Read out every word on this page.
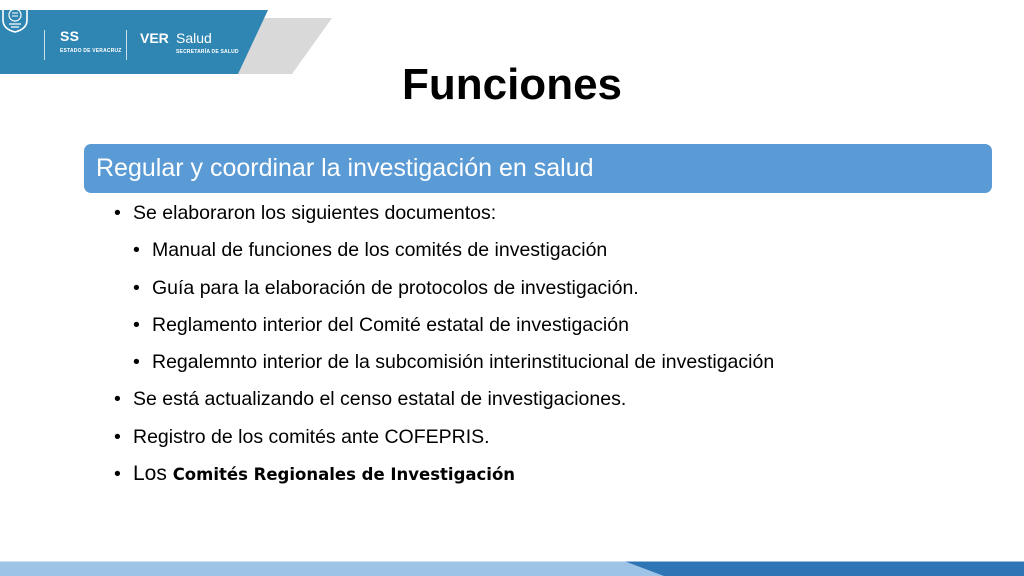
SS
ESTADO DE VERACRUZ
VER Salud
SECRETARÍA DE SALUD
Funciones
Regular y coordinar la investigación en salud
• Se elaboraron los siguientes documentos:
• Manual de funciones de los comités de investigación
• Guía para la elaboración de protocolos de investigación.
• Reglamento interior del Comité estatal de investigación
• Regalemnto interior de la subcomisión interinstitucional de investigación
• Se está actualizando el censo estatal de investigaciones.
• Registro de los comités ante COFEPRIS.
• Los Comités Regionales de Investigación
